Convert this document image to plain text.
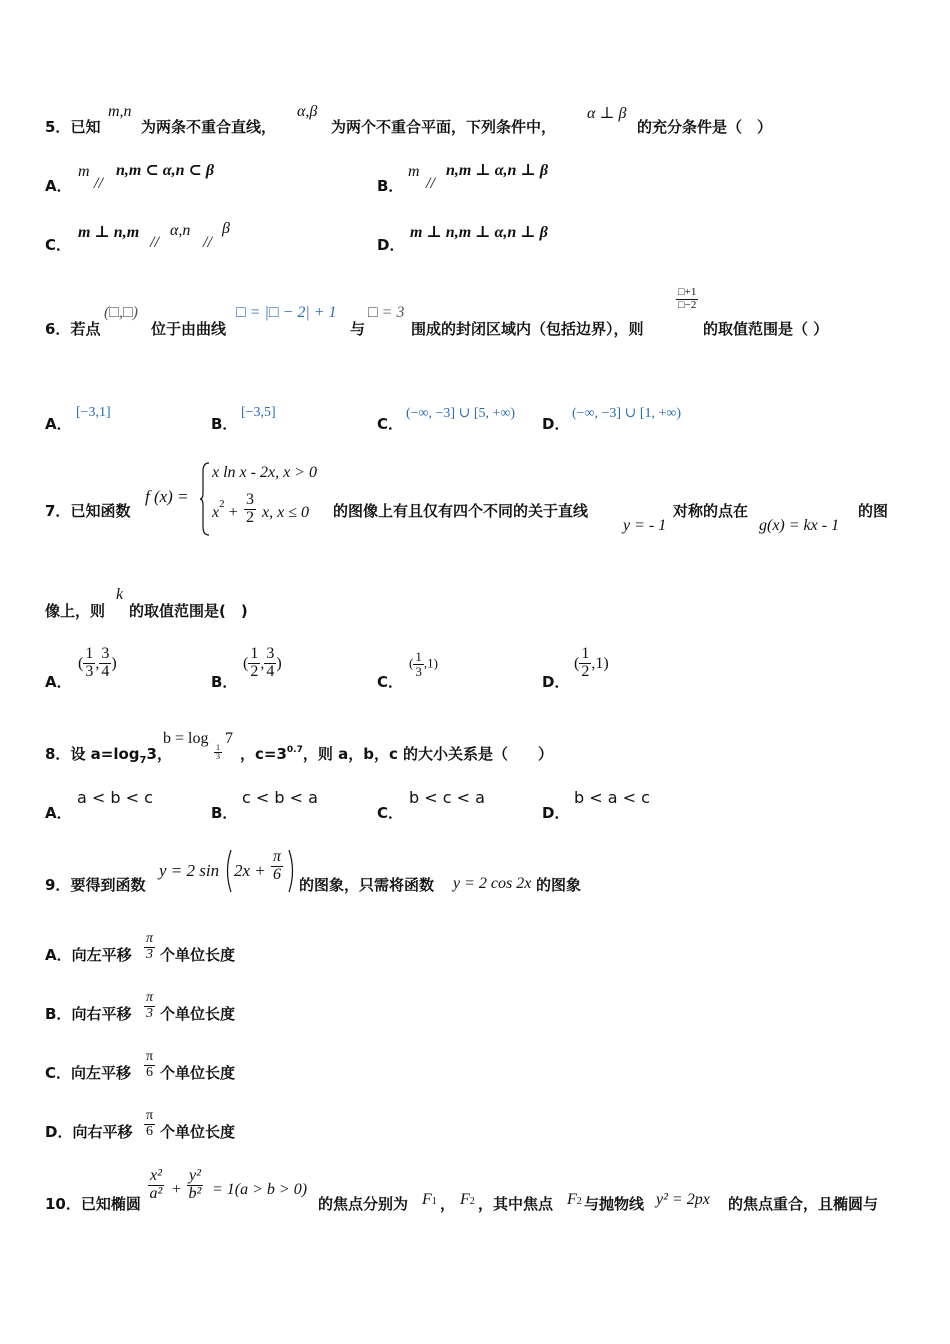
5．已知
m,n
为两条不重合直线，
α,β
为两个不重合平面，下列条件中，
α ⊥ β
的充分条件是（　）
A．
m
//
n,m ⊂ α,n ⊂ β
B．
m
//
n,m ⊥ α,n ⊥ β
C．
m ⊥ n,m
//
α,n
//
β
D．
m ⊥ n,m ⊥ α,n ⊥ β
6．若点
(□,□)
位于由曲线
□ = |□ − 2| + 1
与
□ = 3
围成的封闭区域内（包括边界），则
$\frac{□+1}{□-2}$
的取值范围是（ ）
A．
[−3,1]
B．
[−3,5]
C．
(−∞, −3] ∪ [5, +∞)
D．
(−∞, −3] ∪ [1, +∞)
7．已知函数
f (x) =
x ln x - 2x, x > 0
$x^2 + \frac{3}{2} x$, x ≤ 0 的图像上有且仅有四个不同的关于直线
y = - 1
对称的点在
g(x) = kx - 1
的图
像上，则
k
的取值范围是(　)
A．
( $\frac{1}{3}$ , $\frac{3}{4}$ )
B．
( $\frac{1}{2}$ , $\frac{3}{4}$ )
C．
( $\frac{1}{3} ,1$)
D．
( $\frac{1}{2} ,1$)
8．设 $a=\log_73$，
b = log
$\frac{1}{3}$
7
，$c=3^{0.7}$，则 a，b，c 的大小关系是（　　）
A．
a < b < c
B．
c < b < a
C．
b < c < a
D．
b < a < c
9．要得到函数
y = 2 $\sin 2x + \frac{\pi}{6}$
的图象，只需将函数 y = 2 cos 2x 的图象
A．向左平移 $\frac{\pi}{3}$ 个单位长度
B．向右平移 $\frac{\pi}{3}$ 个单位长度
C．向左平移 $\frac{\pi}{6}$ 个单位长度
D．向右平移 $\frac{\pi}{6}$ 个单位长度
10．已知椭圆
$\frac{\text{x²}}{\text{a²}} + \frac{\text{y²}}{\text{b²}} = 1(a > b > 0)$
的焦点分别为 F1 ， F2 ，其中焦点 F2 与抛物线 y² = 2px 的焦点重合，且椭圆与
